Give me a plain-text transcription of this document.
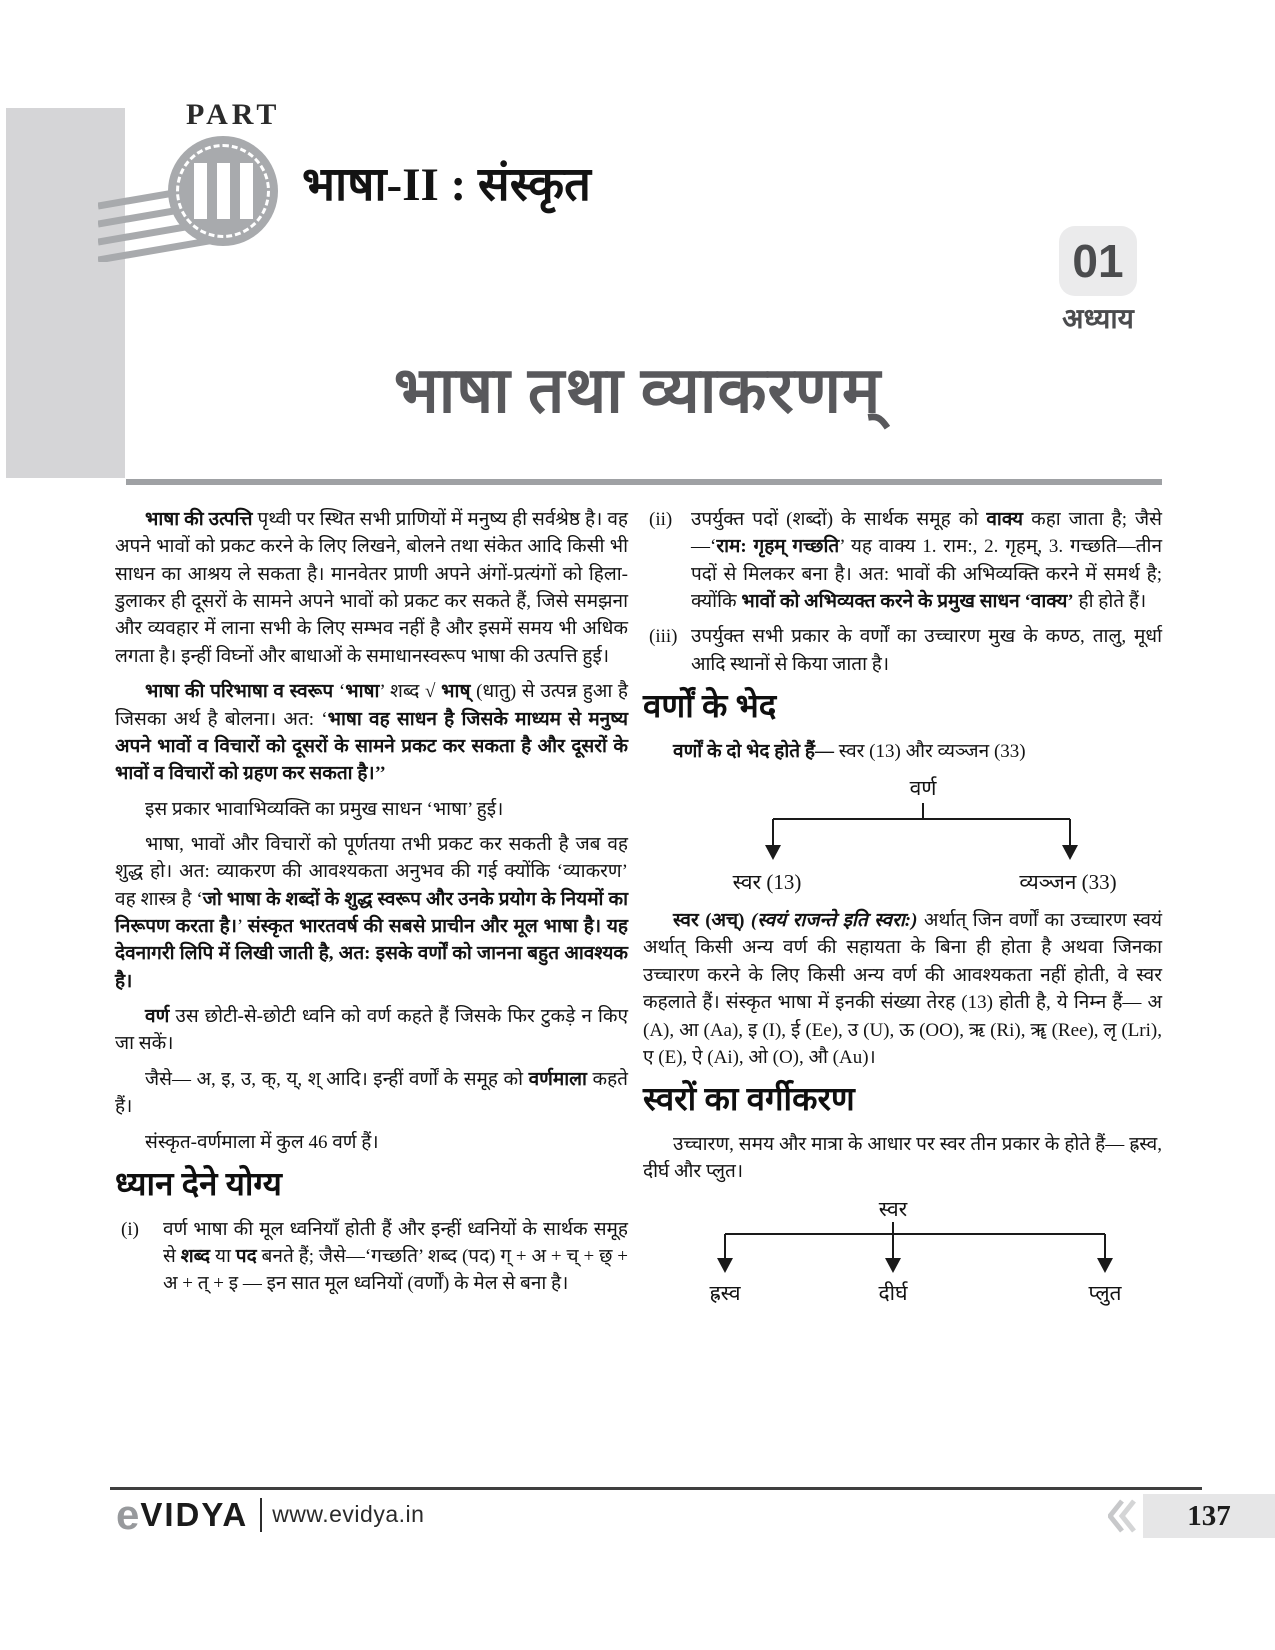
PART
भाषा-II : संस्कृत
01
अध्याय
भाषा तथा व्याकरणम्

भाषा की उत्पत्ति पृथ्वी पर स्थित सभी प्राणियों में मनुष्य ही सर्वश्रेष्ठ है। वह अपने भावों को प्रकट करने के लिए लिखने, बोलने तथा संकेत आदि किसी भी साधन का आश्रय ले सकता है। मानवेतर प्राणी अपने अंगों-प्रत्यंगों को हिला-डुलाकर ही दूसरों के सामने अपने भावों को प्रकट कर सकते हैं, जिसे समझना और व्यवहार में लाना सभी के लिए सम्भव नहीं है और इसमें समय भी अधिक लगता है। इन्हीं विघ्नों और बाधाओं के समाधानस्वरूप भाषा की उत्पत्ति हुई।

भाषा की परिभाषा व स्वरूप ‘भाषा’ शब्द √ भाष् (धातु) से उत्पन्न हुआ है जिसका अर्थ है बोलना। अत: ‘भाषा वह साधन है जिसके माध्यम से मनुष्य अपने भावों व विचारों को दूसरों के सामने प्रकट कर सकता है और दूसरों के भावों व विचारों को ग्रहण कर सकता है।’’

इस प्रकार भावाभिव्यक्ति का प्रमुख साधन ‘भाषा’ हुई।

भाषा, भावों और विचारों को पूर्णतया तभी प्रकट कर सकती है जब वह शुद्ध हो। अत: व्याकरण की आवश्यकता अनुभव की गई क्योंकि ‘व्याकरण’ वह शास्त्र है ‘जो भाषा के शब्दों के शुद्ध स्वरूप और उनके प्रयोग के नियमों का निरूपण करता है।’ संस्कृत भारतवर्ष की सबसे प्राचीन और मूल भाषा है। यह देवनागरी लिपि में लिखी जाती है, अत: इसके वर्णों को जानना बहुत आवश्यक है।

वर्ण उस छोटी-से-छोटी ध्वनि को वर्ण कहते हैं जिसके फिर टुकड़े न किए जा सकें।

जैसे— अ, इ, उ, क्, य्, श् आदि। इन्हीं वर्णों के समूह को वर्णमाला कहते हैं।

संस्कृत-वर्णमाला में कुल 46 वर्ण हैं।

ध्यान देने योग्य
(i)	वर्ण भाषा की मूल ध्वनियाँ होती हैं और इन्हीं ध्वनियों के सार्थक समूह से शब्द या पद बनते हैं; जैसे—‘गच्छति’ शब्द (पद) ग् + अ + च् + छ् + अ + त् + इ — इन सात मूल ध्वनियों (वर्णों) के मेल से बना है।
(ii) उपर्युक्त पदों (शब्दों) के सार्थक समूह को वाक्य कहा जाता है; जैसे—‘राम: गृहम् गच्छति’ यह वाक्य 1. राम:, 2. गृहम्, 3. गच्छति—तीन पदों से मिलकर बना है। अत: भावों की अभिव्यक्ति करने में समर्थ है; क्योंकि भावों को अभिव्यक्त करने के प्रमुख साधन ‘वाक्य’ ही होते हैं।
(iii) उपर्युक्त सभी प्रकार के वर्णों का उच्चारण मुख के कण्ठ, तालु, मूर्धा आदि स्थानों से किया जाता है।
वर्णों के भेद

वर्णों के दो भेद होते हैं— स्वर (13) और व्यञ्जन (33)

वर्ण
स्वर (13)	व्यञ्जन (33)

स्वर (अच्) (स्वयं राजन्ते इति स्वरा:) अर्थात् जिन वर्णों का उच्चारण स्वयं अर्थात् किसी अन्य वर्ण की सहायता के बिना ही होता है अथवा जिनका उच्चारण करने के लिए किसी अन्य वर्ण की आवश्यकता नहीं होती, वे स्वर कहलाते हैं। संस्कृत भाषा में इनकी संख्या तेरह (13) होती है, ये निम्न हैं— अ (A), आ (Aa), इ (I), ई (Ee), उ (U), ऊ (OO), ऋ (Ri), ॠ (Ree), लृ (Lri), ए (E), ऐ (Ai), ओ (O), औ (Au)।

स्वरों का वर्गीकरण

उच्चारण, समय और मात्रा के आधार पर स्वर तीन प्रकार के होते हैं— ह्रस्व, दीर्घ और प्लुत।

स्वर
ह्रस्व	दीर्घ	प्लुत
e VIDYA www.evidya.in	137
